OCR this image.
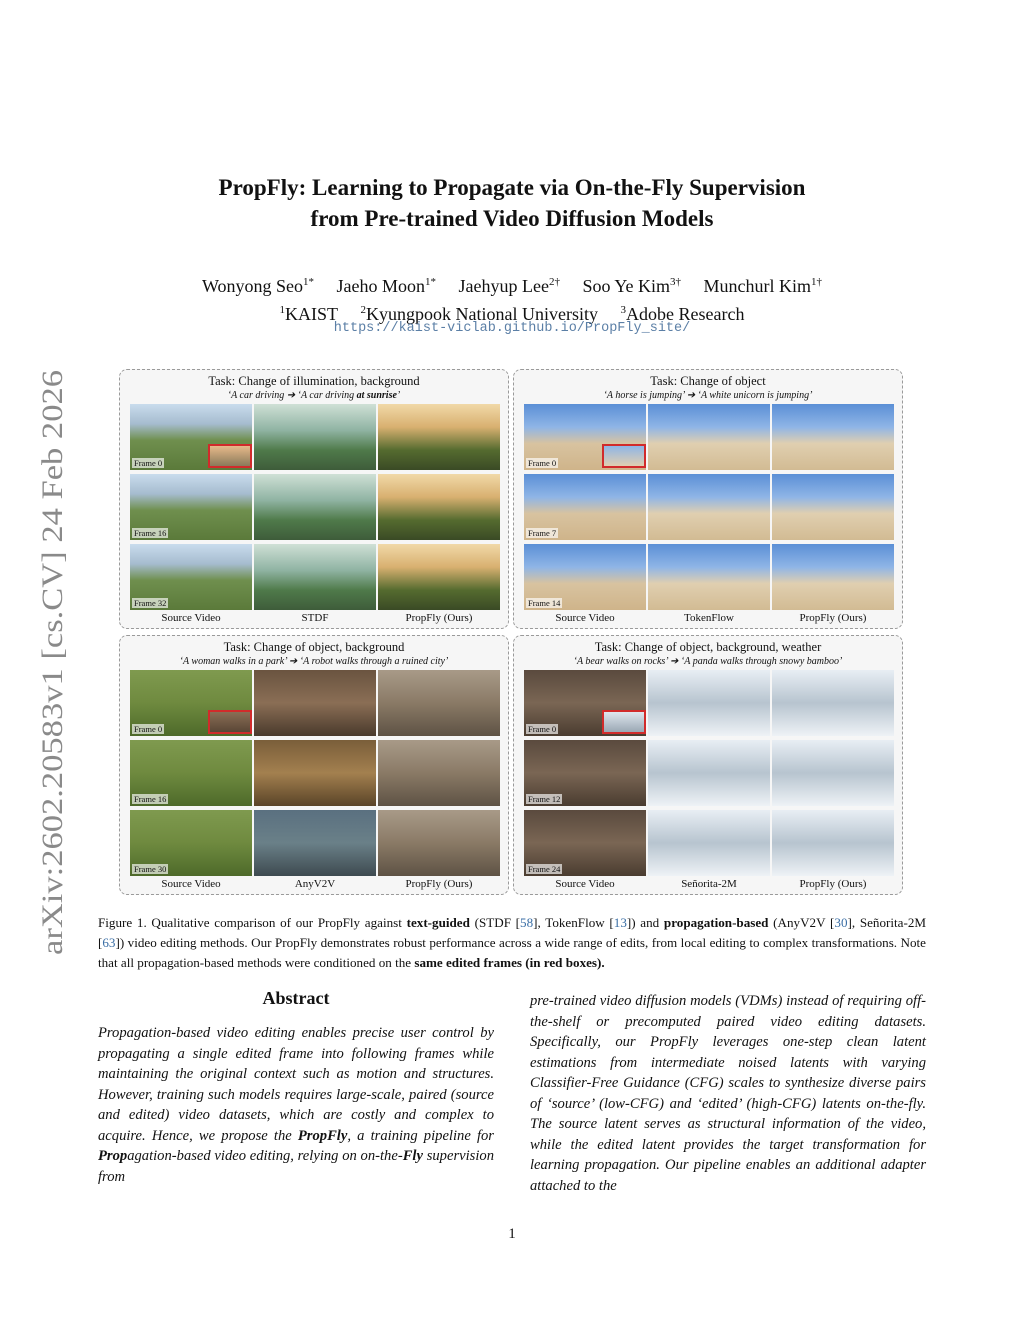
arXiv:2602.20583v1 [cs.CV] 24 Feb 2026
PropFly: Learning to Propagate via On-the-Fly Supervision
from Pre-trained Video Diffusion Models
Wonyong Seo$^{1*}$ Jaeho Moon$^{1*}$ Jaehyup Lee$^{2\dagger}$ Soo Ye Kim$^{3\dagger}$ Munchurl Kim$^{1\dagger}$
$^1$KAIST $^2$Kyungpook National University $^3$Adobe Research
https://kaist-viclab.github.io/PropFly_site/
Task: Change of illumination, background
‘A car driving ➔ ‘A car driving at sunrise’
Frame 0
Frame 16
Frame 32
Source Video	STDF	PropFly (Ours)
Task: Change of object
‘A horse is jumping’ ➔ ‘A white unicorn is jumping’
Frame 0
Frame 7
Frame 14
Source Video	TokenFlow	PropFly (Ours)
Task: Change of object, background
‘A woman walks in a park’ ➔ ‘A robot walks through a ruined city’
Frame 0
Frame 16
Frame 30
Source Video	AnyV2V	PropFly (Ours)
Task: Change of object, background, weather
‘A bear walks on rocks’ ➔ ‘A panda walks through snowy bamboo’
Frame 0
Frame 12
Frame 24
Source Video	Señorita-2M	PropFly (Ours)
Figure 1. Qualitative comparison of our PropFly against text-guided (STDF [58], TokenFlow [13]) and propagation-based (AnyV2V [30], Señorita-2M [63]) video editing methods. Our PropFly demonstrates robust performance across a wide range of edits, from local editing to complex transformations. Note that all propagation-based methods were conditioned on the same edited frames (in red boxes).
Abstract
Propagation-based video editing enables precise user control by propagating a single edited frame into following frames while maintaining the original context such as motion and structures. However, training such models requires large-scale, paired (source and edited) video datasets, which are costly and complex to acquire. Hence, we propose the PropFly, a training pipeline for Propagation-based video editing, relying on on-the-Fly supervision from
pre-trained video diffusion models (VDMs) instead of requiring off-the-shelf or precomputed paired video editing datasets. Specifically, our PropFly leverages one-step clean latent estimations from intermediate noised latents with varying Classifier-Free Guidance (CFG) scales to synthesize diverse pairs of ‘source’ (low-CFG) and ‘edited’ (high-CFG) latents on-the-fly. The source latent serves as structural information of the video, while the edited latent provides the target transformation for learning propagation. Our pipeline enables an additional adapter attached to the
1
